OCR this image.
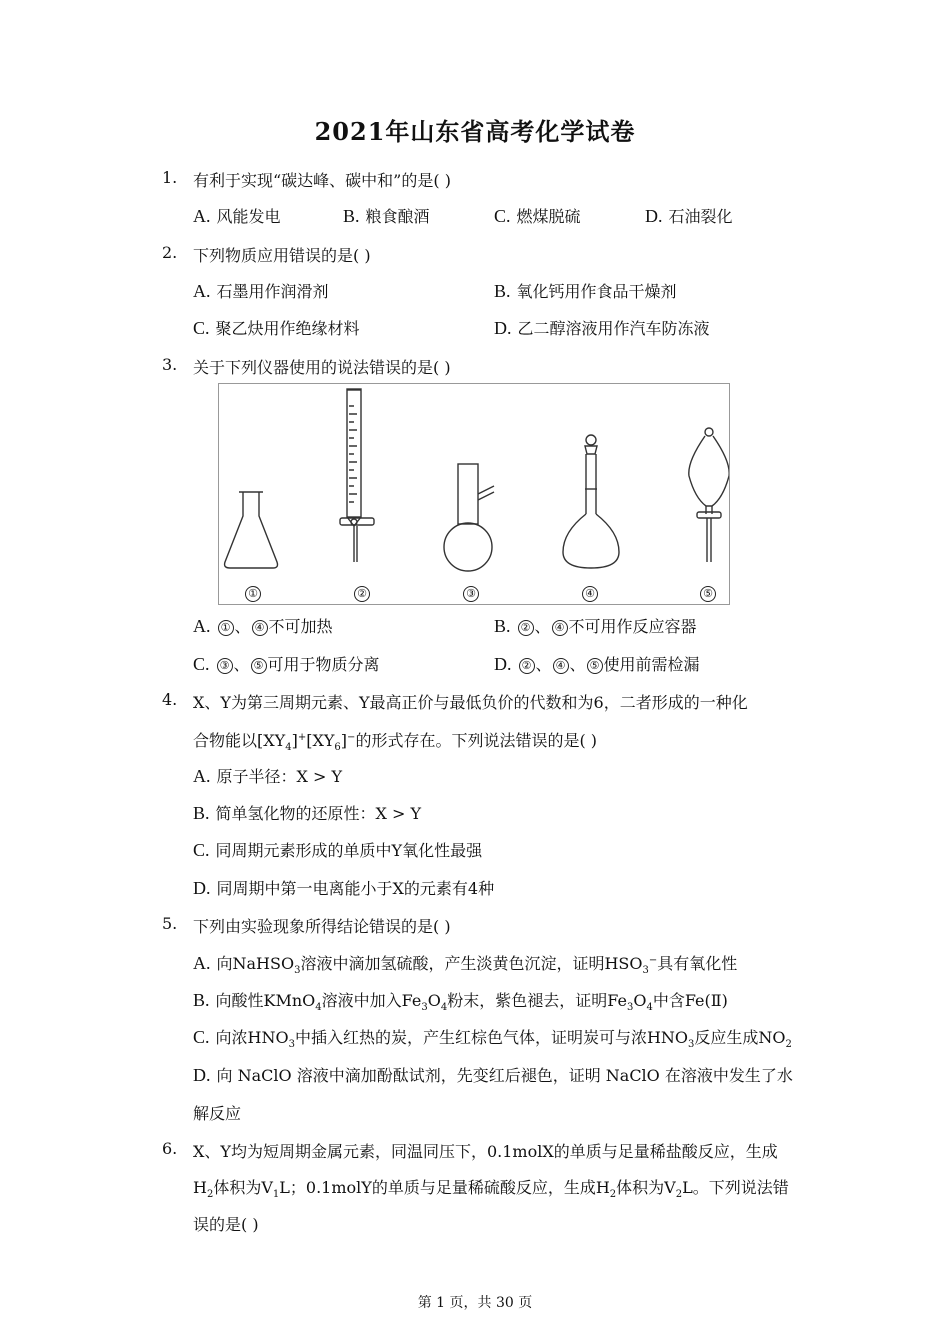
2021年山东省高考化学试卷
1. 有利于实现“碳达峰、碳中和”的是( )
A. 风能发电	B. 粮食酿酒	C. 燃煤脱硫	D. 石油裂化
2. 下列物质应用错误的是( )
A. 石墨用作润滑剂	B. 氧化钙用作食品干燥剂
C. 聚乙炔用作绝缘材料	D. 乙二醇溶液用作汽车防冻液
3. 关于下列仪器使用的说法错误的是( )
①	②	③	④	⑤
A. ① 、 ④ 不可加热	B. ② 、 ④ 不可用作反应容器
C. ③ 、 ⑤ 可用于物质分离	D. ② 、 ④ 、 ⑤ 使用前需检漏
4. X、Y为第三周期元素、Y最高正价与最低负价的代数和为6，二者形成的一种化
合物能以$[XY_4]^+[XY_6]^-$的形式存在。下列说法错误的是( )
A. 原子半径：X > Y
B. 简单氢化物的还原性：X > Y
C. 同周期元素形成的单质中Y氧化性最强
D. 同周期中第一电离能小于X的元素有4种
5. 下列由实验现象所得结论错误的是( )
A. 向NaHSO$_3$溶液中滴加氢硫酸，产生淡黄色沉淀，证明$HSO_3^-$具有氧化性
B. 向酸性KMnO$_4$溶液中加入$Fe_3O_4$粉末，紫色褪去，证明$Fe_3O_4$中含Fe(Ⅱ)
C. 向浓$HNO_3$中插入红热的炭，产生红棕色气体，证明炭可与浓$HNO_3$反应生成$NO_2$
D. 向 NaClO 溶液中滴加酚酞试剂，先变红后褪色，证明 NaClO 在溶液中发生了水
解反应
6. X、Y均为短周期金属元素，同温同压下，0.1molX的单质与足量稀盐酸反应，生成
$H_2$体积为$V_1L$；0.1molY的单质与足量稀硫酸反应，生成$H_2$体积为$V_2L$。下列说法错
误的是( )
第 1 页，共 30 页
